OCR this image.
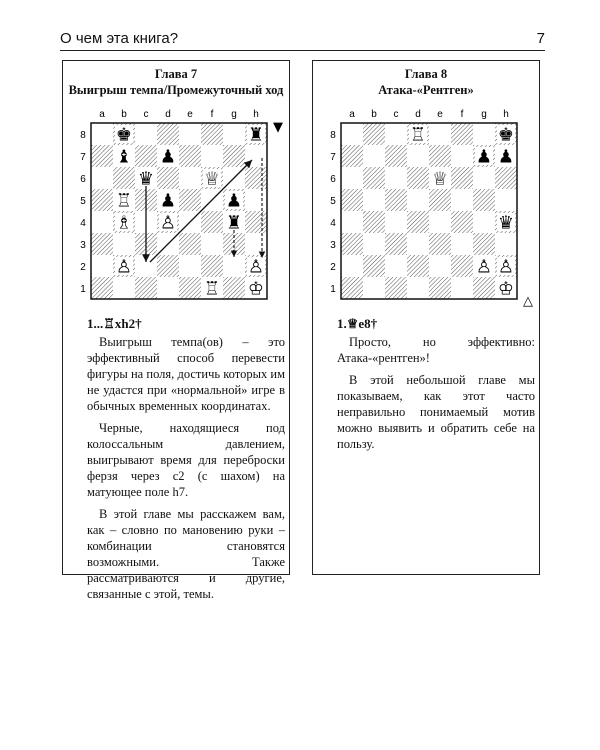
О чем эта книга?	7
Глава 7
Выигрыш темпа/Промежуточный ход
a b c d e f g h
8
7
6
5
4
3
2
1
♚	♜
♝ ♟
♛	♕
♖ ♟	♟
♗ ♙	♜
♙	♙
♖ ♔
▼
1...♖xh2†

Выигрыш темпа(ов) – это эффективный способ перевести фигуры на поля, достичь которых им не удастся при «нормальной» игре в обычных временных координатах.

Черные, находящиеся под колоссальным давлением, выигрывают время для переброски ферзя через с2 (с шахом) на матующее поле h7.

В этой главе мы расскажем вам, как – словно по мановению руки – комбинации становятся возможными. Также рассматриваются и другие, связанные с этой, темы.

Глава 8
Атака-«Рентген»
a b c d e f g h
8
7
6
5
4
3
2
1
♖	♚
♟ ♟
♕
♛
♙ ♙
♔
△
1.♕e8†

Просто, но эффективно: Атака-«рентген»!

В этой небольшой главе мы показываем, как этот часто неправильно понимаемый мотив можно выявить и обратить себе на пользу.
